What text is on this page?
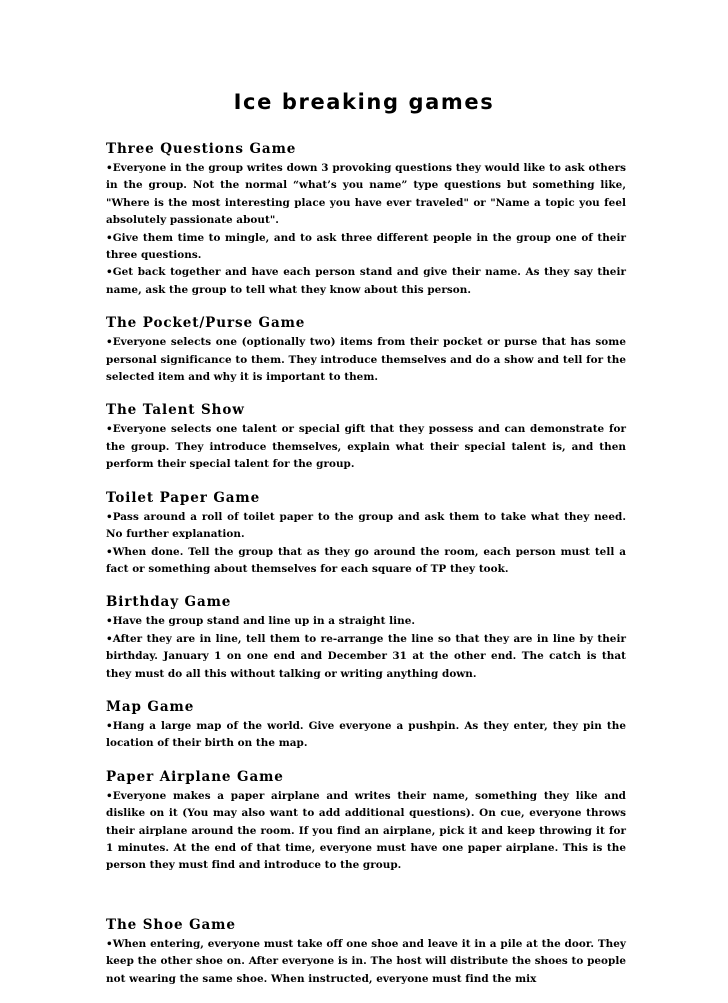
Ice breaking games
Three Questions Game

•Everyone in the group writes down 3 provoking questions they would like to ask others in the group. Not the normal “what’s you name” type questions but something like, "Where is the most interesting place you have ever traveled" or "Name a topic you feel absolutely passionate about".

•Give them time to mingle, and to ask three different people in the group one of their three questions.

•Get back together and have each person stand and give their name. As they say their name, ask the group to tell what they know about this person.

The Pocket/Purse Game

•Everyone selects one (optionally two) items from their pocket or purse that has some personal significance to them. They introduce themselves and do a show and tell for the selected item and why it is important to them.

The Talent Show

•Everyone selects one talent or special gift that they possess and can demonstrate for the group. They introduce themselves, explain what their special talent is, and then perform their special talent for the group.

Toilet Paper Game

•Pass around a roll of toilet paper to the group and ask them to take what they need. No further explanation.

•When done. Tell the group that as they go around the room, each person must tell a fact or something about themselves for each square of TP they took.

Birthday Game

•Have the group stand and line up in a straight line.

•After they are in line, tell them to re-arrange the line so that they are in line by their birthday. January 1 on one end and December 31 at the other end. The catch is that they must do all this without talking or writing anything down.

Map Game

•Hang a large map of the world. Give everyone a pushpin. As they enter, they pin the location of their birth on the map.

Paper Airplane Game

•Everyone makes a paper airplane and writes their name, something they like and dislike on it (You may also want to add additional questions). On cue, everyone throws their airplane around the room. If you find an airplane, pick it and keep throwing it for 1 minutes. At the end of that time, everyone must have one paper airplane. This is the person they must find and introduce to the group.

The Shoe Game

•When entering, everyone must take off one shoe and leave it in a pile at the door. They keep the other shoe on. After everyone is in. The host will distribute the shoes to people not wearing the same shoe. When instructed, everyone must find the mix
